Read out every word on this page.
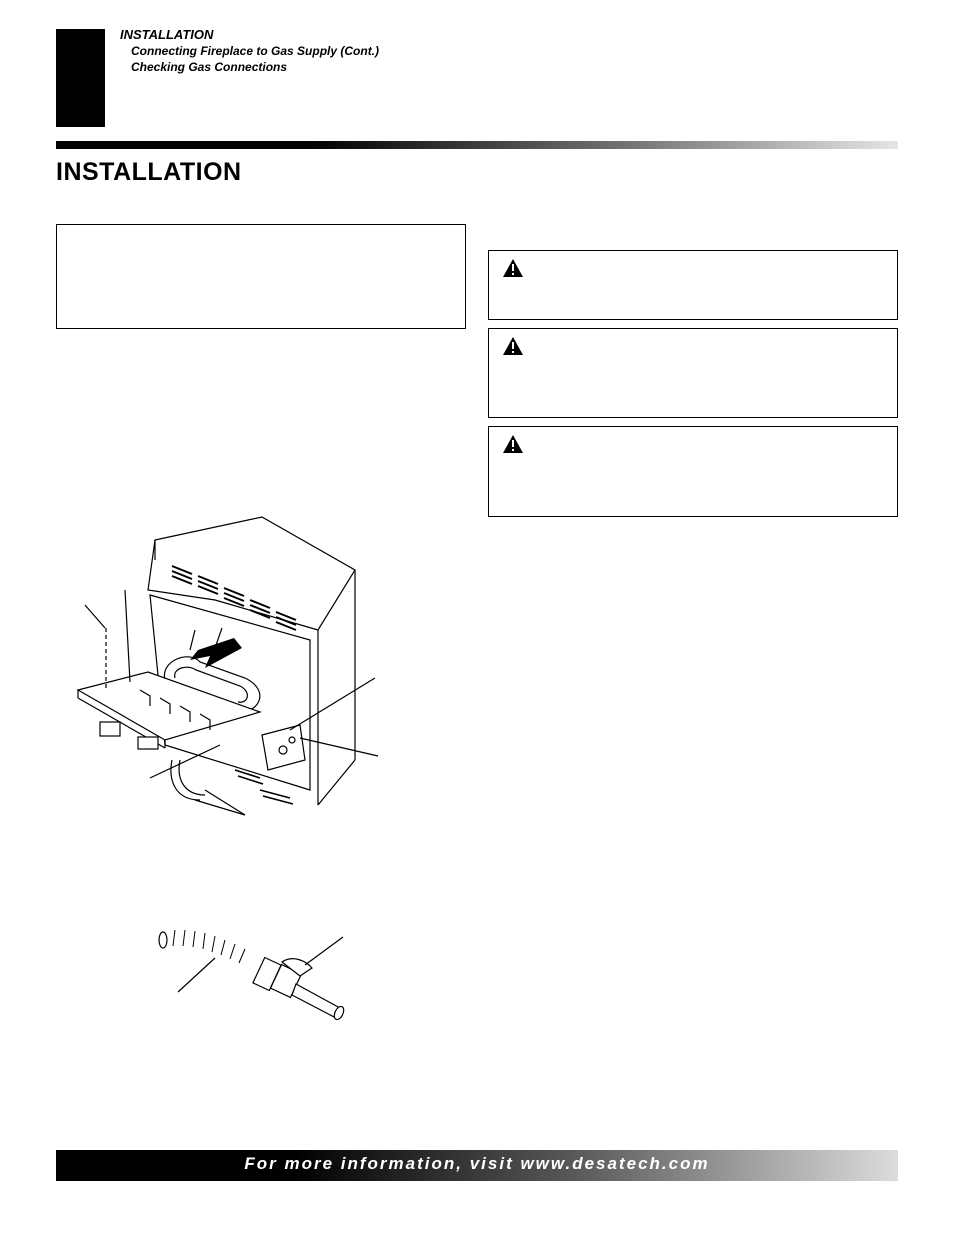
INSTALLATION
Connecting Fireplace to Gas Supply (Cont.)
Checking Gas Connections
INSTALLATION
For more information, visit www.desatech.com
